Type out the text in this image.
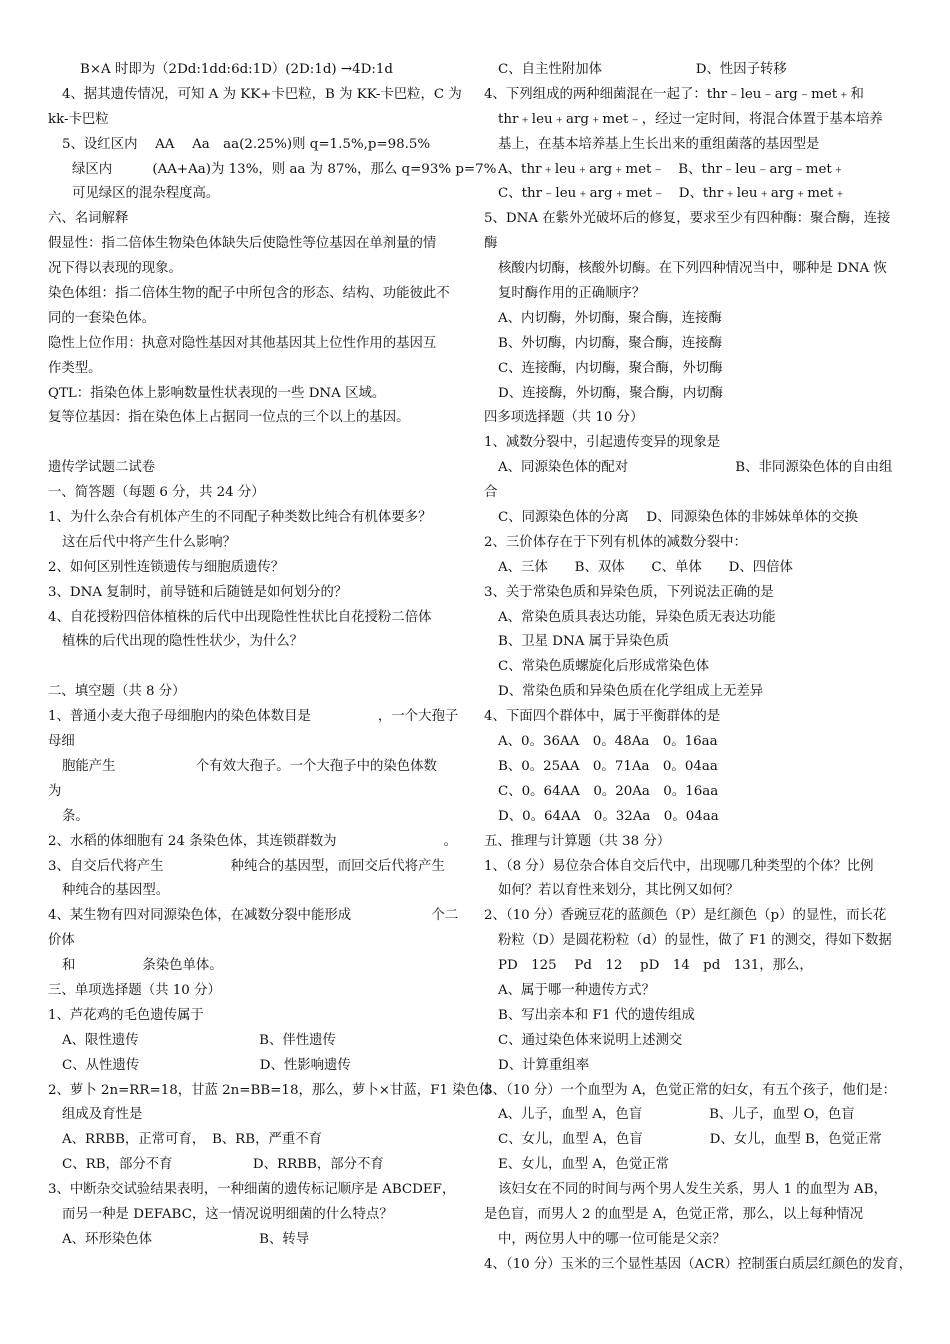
B×A 时即为（2Dd:1dd:6d:1D）(2D:1d) →4D:1d
4、据其遗传情况，可知 A 为 KK+卡巴粒，B 为 KK-卡巴粒，C 为
kk-卡巴粒
5、设红区内　 AA　 Aa　aa(2.25%)则 q=1.5%,p=98.5%
绿区内　　　(AA+Aa)为 13%，则 aa 为 87%，那么 q=93% p=7%
可见绿区的混杂程度高。
六、名词解释
假显性：指二倍体生物染色体缺失后使隐性等位基因在单剂量的情
况下得以表现的现象。
染色体组：指二倍体生物的配子中所包含的形态、结构、功能彼此不
同的一套染色体。
隐性上位作用：执意对隐性基因对其他基因其上位性作用的基因互
作类型。
QTL：指染色体上影响数量性状表现的一些 DNA 区域。
复等位基因：指在染色体上占据同一位点的三个以上的基因。
遗传学试题二试卷
一、简答题（每题 6 分，共 24 分）
1、为什么杂合有机体产生的不同配子种类数比纯合有机体要多？
这在后代中将产生什么影响？
2、如何区别性连锁遗传与细胞质遗传？
3、DNA 复制时，前导链和后随链是如何划分的？
4、自花授粉四倍体植株的后代中出现隐性性状比自花授粉二倍体
植株的后代出现的隐性性状少，为什么？
二、填空题（共 8 分）
1、普通小麦大孢子母细胞内的染色体数目是　　　　　，一个大孢子
母细
胞能产生　　　　　　个有效大孢子。一个大孢子中的染色体数
为
条。
2、水稻的体细胞有 24 条染色体，其连锁群数为　　　　　　　　。
3、自交后代将产生　　　　　种纯合的基因型，而回交后代将产生
种纯合的基因型。
4、某生物有四对同源染色体，在减数分裂中能形成　　　　　　个二
价体
和　　　　　条染色单体。
三、单项选择题（共 10 分）
1、芦花鸡的毛色遗传属于
A、限性遗传　　　　　　　　　B、伴性遗传
C、从性遗传　　　　　　　　　D、性影响遗传
2、萝卜 2n=RR=18，甘蓝 2n=BB=18，那么，萝卜×甘蓝，F1 染色体
组成及育性是
A、RRBB，正常可育，　B、RB，严重不育
C、RB，部分不育　　　　　　D、RRBB，部分不育
3、中断杂交试验结果表明，一种细菌的遗传标记顺序是 ABCDEF，
而另一种是 DEFABC，这一情况说明细菌的什么特点？
A、环形染色体　　　　　　　　B、转导
C、自主性附加体　　　　　　　D、性因子转移
4、下列组成的两种细菌混在一起了：thr﹣leu﹣arg﹣met﹢和
thr﹢leu﹢arg﹢met﹣，经过一定时间，将混合体置于基本培养
基上，在基本培养基上生长出来的重组菌落的基因型是
A、thr﹢leu﹢arg﹢met﹣　B、thr﹣leu﹣arg﹣met﹢
C、thr﹣leu﹢arg﹢met﹣　D、thr﹢leu﹢arg﹢met﹢
5、DNA 在紫外光破坏后的修复，要求至少有四种酶：聚合酶，连接
酶
核酸内切酶，核酸外切酶。在下列四种情况当中，哪种是 DNA 恢
复时酶作用的正确顺序？
A、内切酶，外切酶，聚合酶，连接酶
B、外切酶，内切酶，聚合酶，连接酶
C、连接酶，内切酶，聚合酶，外切酶
D、连接酶，外切酶，聚合酶，内切酶
四多项选择题（共 10 分）
1、减数分裂中，引起遗传变异的现象是
A、同源染色体的配对　　　　　　　　B、非同源染色体的自由组
合
C、同源染色体的分离　 D、同源染色体的非姊妹单体的交换
2、三价体存在于下列有机体的减数分裂中：
A、三体　　B、双体　　C、单体　　D、四倍体
3、关于常染色质和异染色质，下列说法正确的是
A、常染色质具表达功能，异染色质无表达功能
B、卫星 DNA 属于异染色质
C、常染色质螺旋化后形成常染色体
D、常染色质和异染色质在化学组成上无差异
4、下面四个群体中，属于平衡群体的是
A、0。36AA　0。48Aa　0。16aa
B、0。25AA　0。71Aa　0。04aa
C、0。64AA　0。20Aa　0。16aa
D、0。64AA　0。32Aa　0。04aa
五、推理与计算题（共 38 分）
1、（8 分）易位杂合体自交后代中，出现哪几种类型的个体？比例
如何？若以育性来划分，其比例又如何？
2、（10 分）香豌豆花的蓝颜色（P）是红颜色（p）的显性，而长花
粉粒（D）是圆花粉粒（d）的显性，做了 F1 的测交，得如下数据
PD　125　 Pd　12　 pD　14　pd　131，那么，
A、属于哪一种遗传方式？
B、写出亲本和 F1 代的遗传组成
C、通过染色体来说明上述测交
D、计算重组率
3、（10 分）一个血型为 A，色觉正常的妇女，有五个孩子，他们是：
A、儿子，血型 A，色盲　　　　　B、儿子，血型 O，色盲
C、女儿，血型 A，色盲　　　　　D、女儿，血型 B，色觉正常
E、女儿，血型 A，色觉正常
该妇女在不同的时间与两个男人发生关系，男人 1 的血型为 AB，
是色盲，而男人 2 的血型是 A，色觉正常，那么，以上每种情况
中，两位男人中的哪一位可能是父亲？
4、（10 分）玉米的三个显性基因（ACR）控制蛋白质层红颜色的发育，
